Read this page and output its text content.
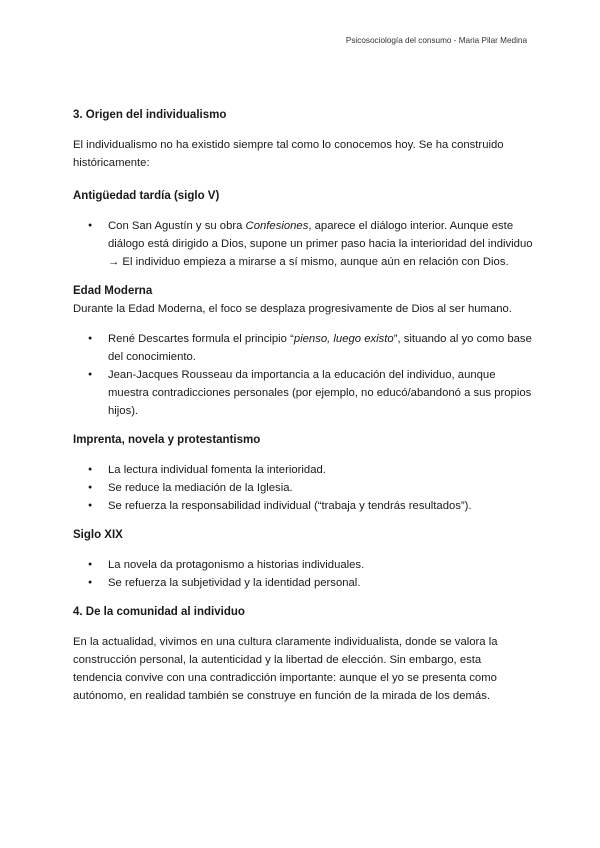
Psicosociología del consumo - Maria Pilar Medina
3. Origen del individualismo

El individualismo no ha existido siempre tal como lo conocemos hoy. Se ha construido históricamente:

Antigüedad tardía (siglo V)
● Con San Agustín y su obra Confesiones, aparece el diálogo interior. Aunque este diálogo está dirigido a Dios, supone un primer paso hacia la interioridad del individuo → El individuo empieza a mirarse a sí mismo, aunque aún en relación con Dios.
Edad Moderna

Durante la Edad Moderna, el foco se desplaza progresivamente de Dios al ser humano.

● René Descartes formula el principio “pienso, luego existo”, situando al yo como base del conocimiento.
● Jean-Jacques Rousseau da importancia a la educación del individuo, aunque muestra contradicciones personales (por ejemplo, no educó/abandonó a sus propios hijos).
Imprenta, novela y protestantismo
● La lectura individual fomenta la interioridad.
● Se reduce la mediación de la Iglesia.
● Se refuerza la responsabilidad individual (“trabaja y tendrás resultados”).
Siglo XIX
● La novela da protagonismo a historias individuales.
● Se refuerza la subjetividad y la identidad personal.
4. De la comunidad al individuo

En la actualidad, vivimos en una cultura claramente individualista, donde se valora la construcción personal, la autenticidad y la libertad de elección. Sin embargo, esta tendencia convive con una contradicción importante: aunque el yo se presenta como autónomo, en realidad también se construye en función de la mirada de los demás.
